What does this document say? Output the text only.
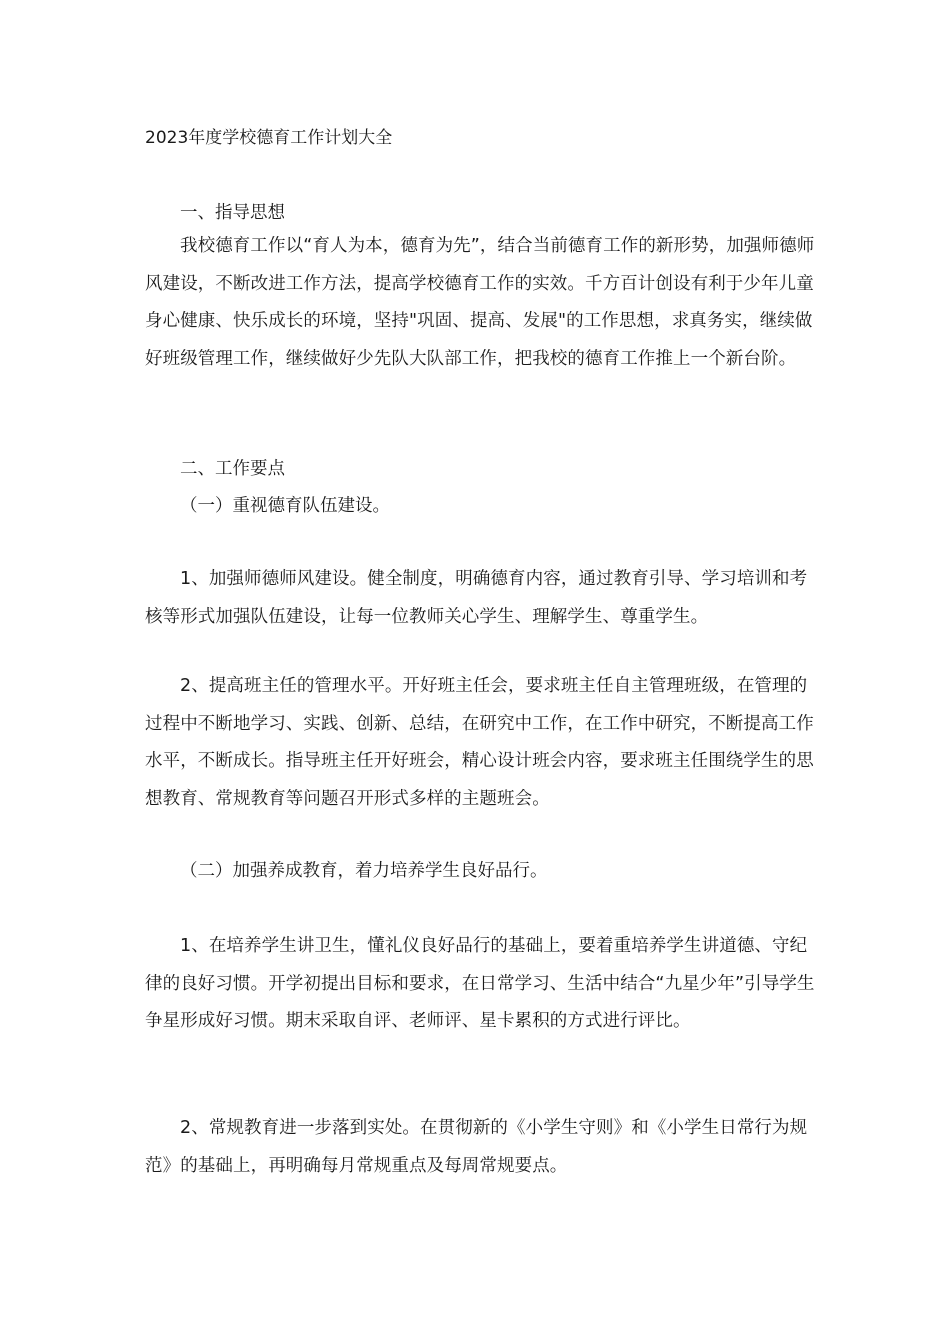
2023年度学校德育工作计划大全
一、指导思想
我校德育工作以“育人为本，德育为先”，结合当前德育工作的新形势，加强师德师风建设，不断改进工作方法，提高学校德育工作的实效。千方百计创设有利于少年儿童身心健康、快乐成长的环境，坚持"巩固、提高、发展"的工作思想，求真务实，继续做好班级管理工作，继续做好少先队大队部工作，把我校的德育工作推上一个新台阶。
二、工作要点
（一）重视德育队伍建设。
1、加强师德师风建设。健全制度，明确德育内容，通过教育引导、学习培训和考核等形式加强队伍建设，让每一位教师关心学生、理解学生、尊重学生。
2、提高班主任的管理水平。开好班主任会，要求班主任自主管理班级，在管理的过程中不断地学习、实践、创新、总结，在研究中工作，在工作中研究，不断提高工作水平，不断成长。指导班主任开好班会，精心设计班会内容，要求班主任围绕学生的思想教育、常规教育等问题召开形式多样的主题班会。
（二）加强养成教育，着力培养学生良好品行。
1、在培养学生讲卫生，懂礼仪良好品行的基础上，要着重培养学生讲道德、守纪律的良好习惯。开学初提出目标和要求，在日常学习、生活中结合“九星少年”引导学生争星形成好习惯。期末采取自评、老师评、星卡累积的方式进行评比。
2、常规教育进一步落到实处。在贯彻新的《小学生守则》和《小学生日常行为规范》的基础上，再明确每月常规重点及每周常规要点。
